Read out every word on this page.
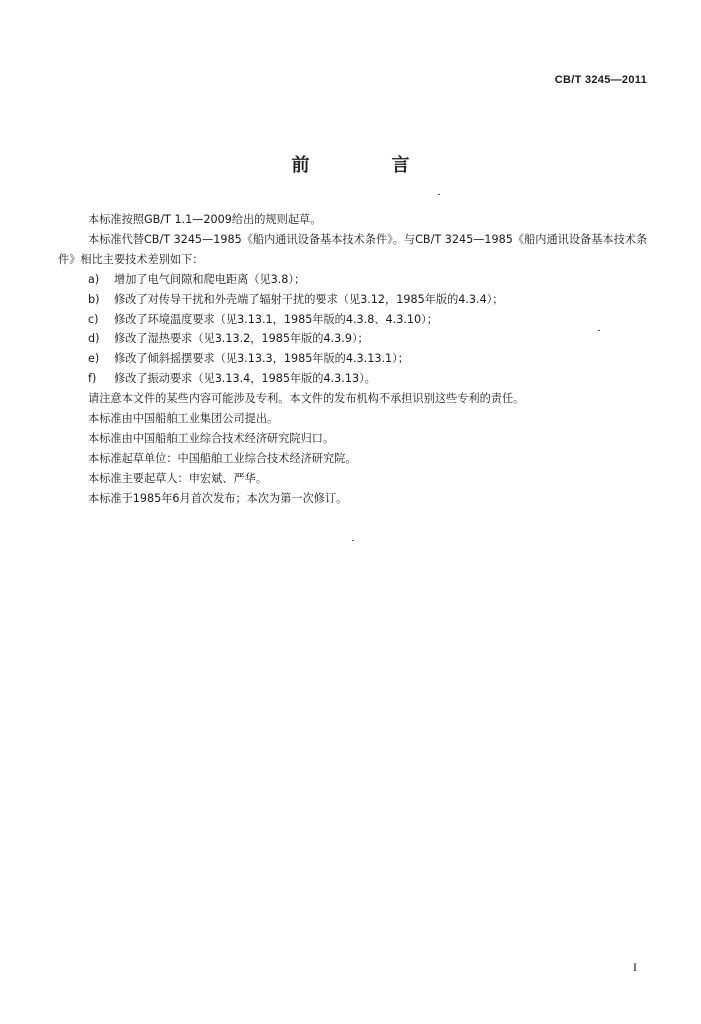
CB/T 3245—2011
前　言

本标准按照GB/T 1.1—2009给出的规则起草。

本标准代替CB/T 3245—1985《船内通讯设备基本技术条件》。与CB/T 3245—1985《船内通讯设备基本技术条件》相比主要技术差别如下：

a)	增加了电气间隙和爬电距离（见3.8）；
b)	修改了对传导干扰和外壳端了辐射干扰的要求（见3.12，1985年版的4.3.4）；
c)	修改了环境温度要求（见3.13.1，1985年版的4.3.8、4.3.10）；
d)	修改了湿热要求（见3.13.2，1985年版的4.3.9）；
e)	修改了倾斜摇摆要求（见3.13.3，1985年版的4.3.13.1）；
f)	修改了振动要求（见3.13.4，1985年版的4.3.13）。

请注意本文件的某些内容可能涉及专利。本文件的发布机构不承担识别这些专利的责任。

本标准由中国船舶工业集团公司提出。

本标准由中国船舶工业综合技术经济研究院归口。

本标准起草单位：中国船舶工业综合技术经济研究院。

本标准主要起草人：申宏斌、严华。

本标准于1985年6月首次发布；本次为第一次修订。

I
